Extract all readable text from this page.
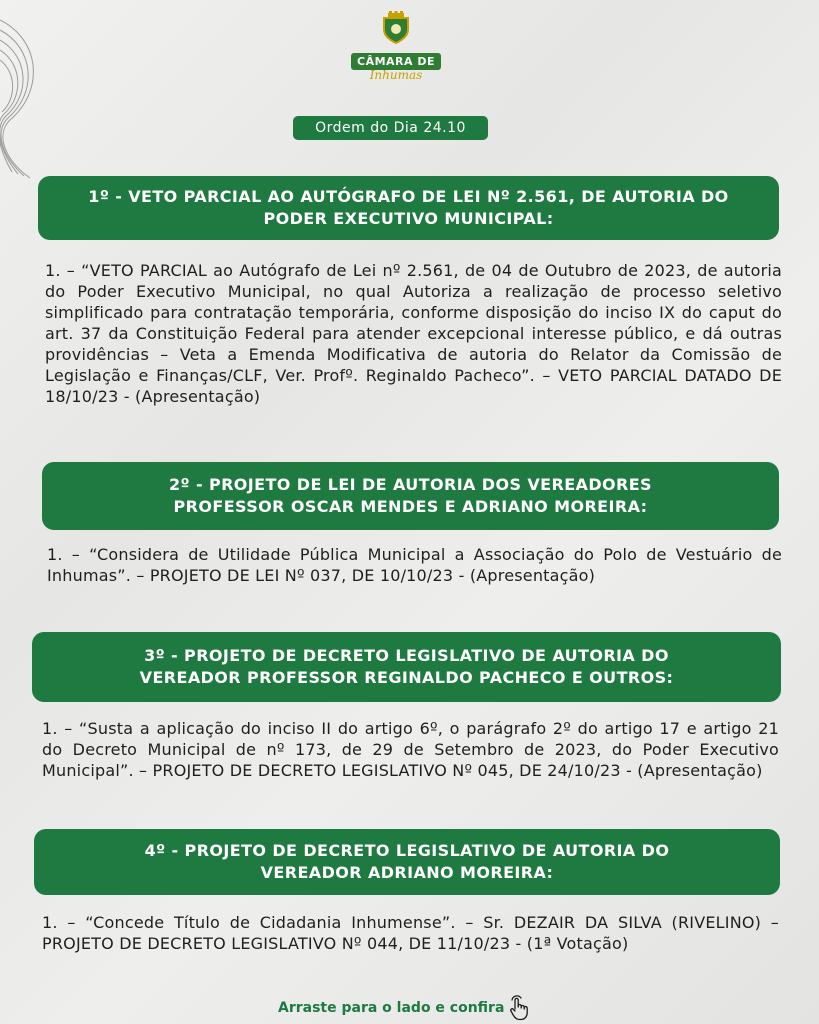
CÂMARA DE
Inhumas
Ordem do Dia 24.10
1º - VETO PARCIAL AO AUTÓGRAFO DE LEI Nº 2.561, DE AUTORIA DO
PODER EXECUTIVO MUNICIPAL:
1. – “VETO PARCIAL ao Autógrafo de Lei nº 2.561, de 04 de Outubro de 2023, de autoria do Poder Executivo Municipal, no qual Autoriza a realização de processo seletivo simplificado para contratação temporária, conforme disposição do inciso IX do caput do art. 37 da Constituição Federal para atender excepcional interesse público, e dá outras providências – Veta a Emenda Modificativa de autoria do Relator da Comissão de Legislação e Finanças/CLF, Ver. Profº. Reginaldo Pacheco”. – VETO PARCIAL DATADO DE 18/10/23 - (Apresentação)
2º - PROJETO DE LEI DE AUTORIA DOS VEREADORES
PROFESSOR OSCAR MENDES E ADRIANO MOREIRA:
1. – “Considera de Utilidade Pública Municipal a Associação do Polo de Vestuário de Inhumas”. – PROJETO DE LEI Nº 037, DE 10/10/23 - (Apresentação)
3º - PROJETO DE DECRETO LEGISLATIVO DE AUTORIA DO
VEREADOR PROFESSOR REGINALDO PACHECO E OUTROS:
1. – “Susta a aplicação do inciso II do artigo 6º, o parágrafo 2º do artigo 17 e artigo 21 do Decreto Municipal de nº 173, de 29 de Setembro de 2023, do Poder Executivo Municipal”. – PROJETO DE DECRETO LEGISLATIVO Nº 045, DE 24/10/23 - (Apresentação)
4º - PROJETO DE DECRETO LEGISLATIVO DE AUTORIA DO
VEREADOR ADRIANO MOREIRA:
1. – “Concede Título de Cidadania Inhumense”. – Sr. DEZAIR DA SILVA (RIVELINO) – PROJETO DE DECRETO LEGISLATIVO Nº 044, DE 11/10/23 - (1ª Votação)
Arraste para o lado e confira
